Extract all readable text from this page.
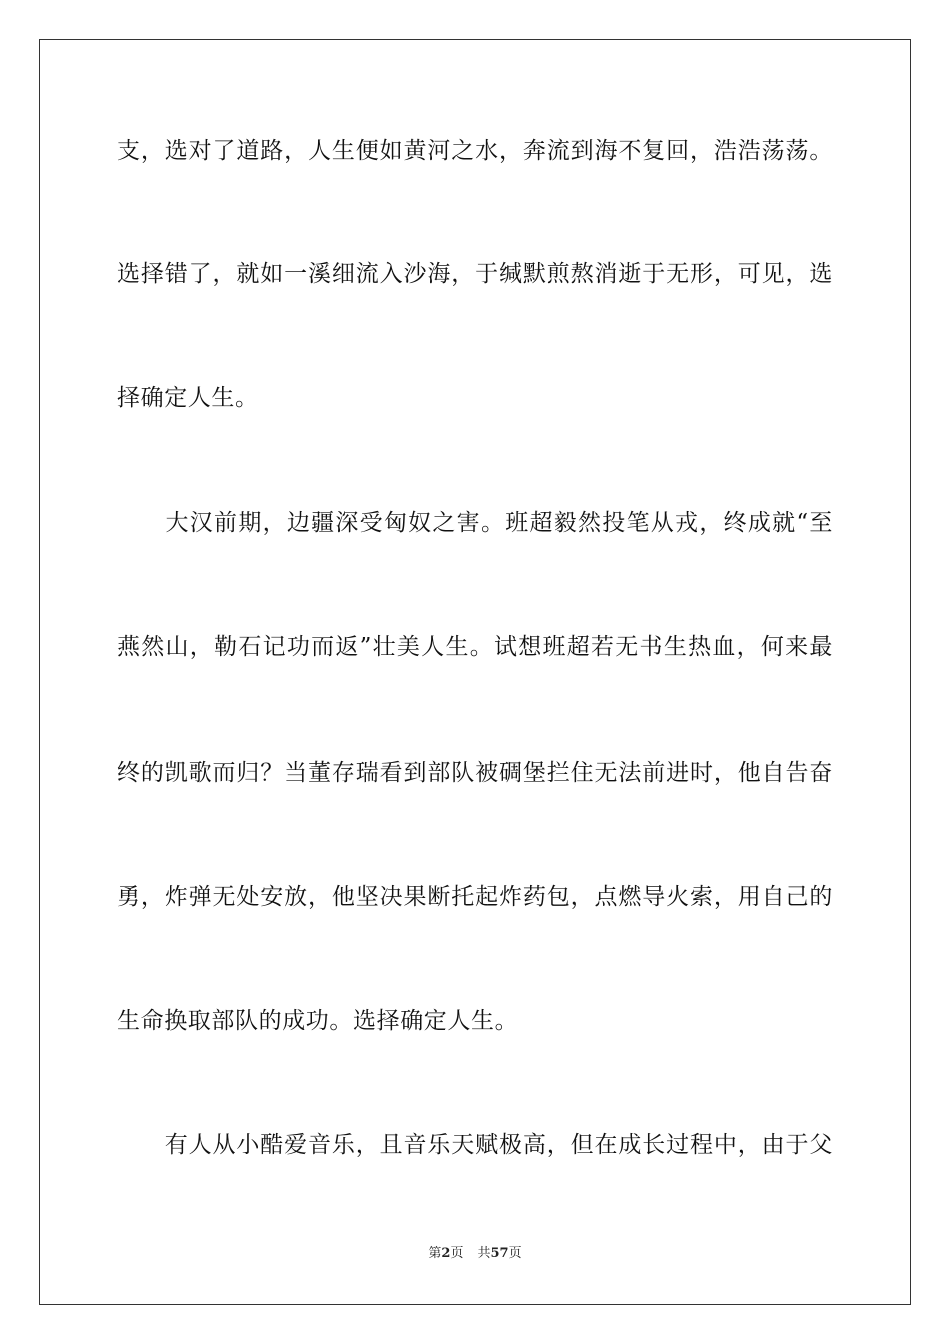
支，选对了道路，人生便如黄河之水，奔流到海不复回，浩浩荡荡。
选择错了，就如一溪细流入沙海，于缄默煎熬消逝于无形，可见，选
择确定人生。
　　大汉前期，边疆深受匈奴之害。班超毅然投笔从戎，终成就“至
燕然山，勒石记功而返”壮美人生。试想班超若无书生热血，何来最
终的凯歌而归？当董存瑞看到部队被碉堡拦住无法前进时，他自告奋
勇，炸弹无处安放，他坚决果断托起炸药包，点燃导火索，用自己的
生命换取部队的成功。选择确定人生。
　　有人从小酷爱音乐，且音乐天赋极高，但在成长过程中，由于父
第2页 共57页
